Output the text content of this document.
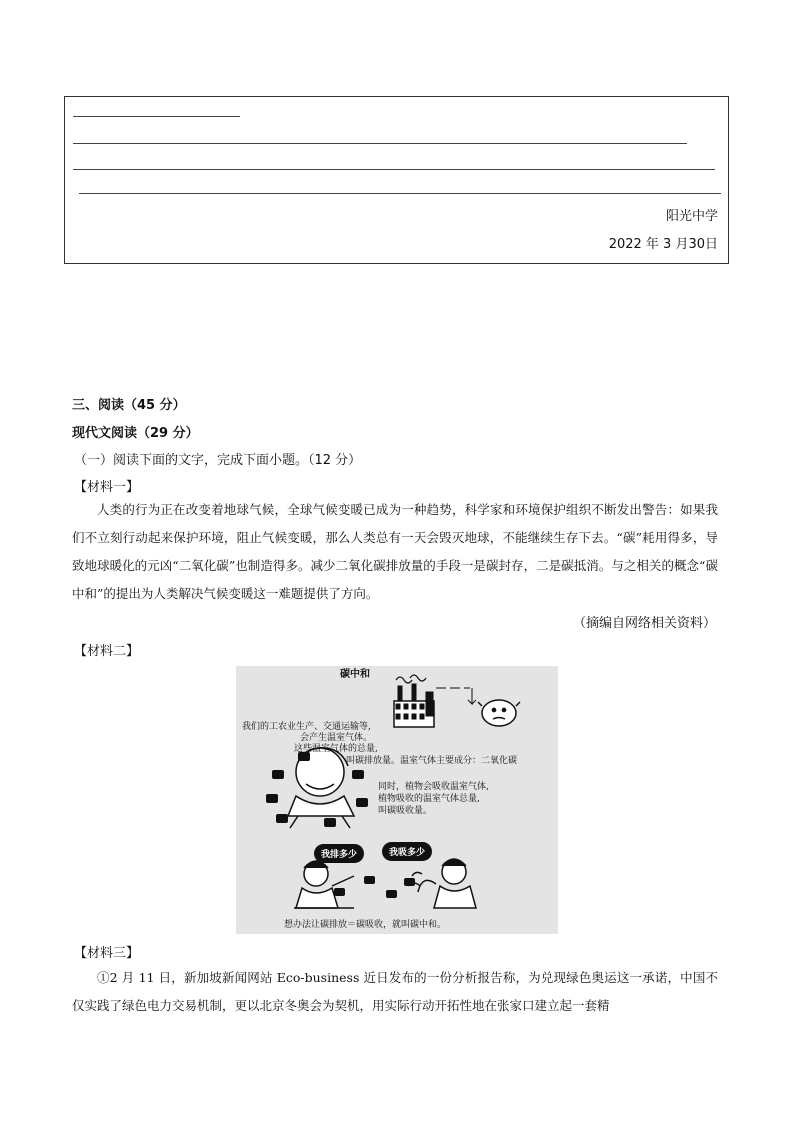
阳光中学
2022 年 3 月30日
三、阅读（45 分）
现代文阅读（29 分）
（一）阅读下面的文字，完成下面小题。（12 分）
【材料一】

人类的行为正在改变着地球气候，全球气候变暖已成为一种趋势，科学家和环境保护组织不断发出警告：如果我们不立刻行动起来保护环境，阻止气候变暖，那么人类总有一天会毁灭地球，不能继续生存下去。“碳”耗用得多，导致地球暖化的元凶“二氧化碳”也制造得多。减少二氧化碳排放量的手段一是碳封存，二是碳抵消。与之相关的概念“碳中和”的提出为人类解决气候变暖这一难题提供了方向。

（摘编自网络相关资料）
【材料二】
碳中和
我们的工农业生产、交通运输等,
会产生温室气体。
这些温室气体的总量,
叫碳排放量。温室气体主要成分：二氧化碳
同时，植物会吸收温室气体,
植物吸收的温室气体总量,
叫碳吸收量。
我排多少	我吸多少
想办法让碳排放＝碳吸收，就叫碳中和。
【材料三】

①2 月 11 日，新加坡新闻网站 Eco-business 近日发布的一份分析报告称，为兑现绿色奥运这一承诺，中国不仅实践了绿色电力交易机制，更以北京冬奥会为契机，用实际行动开拓性地在张家口建立起一套精
